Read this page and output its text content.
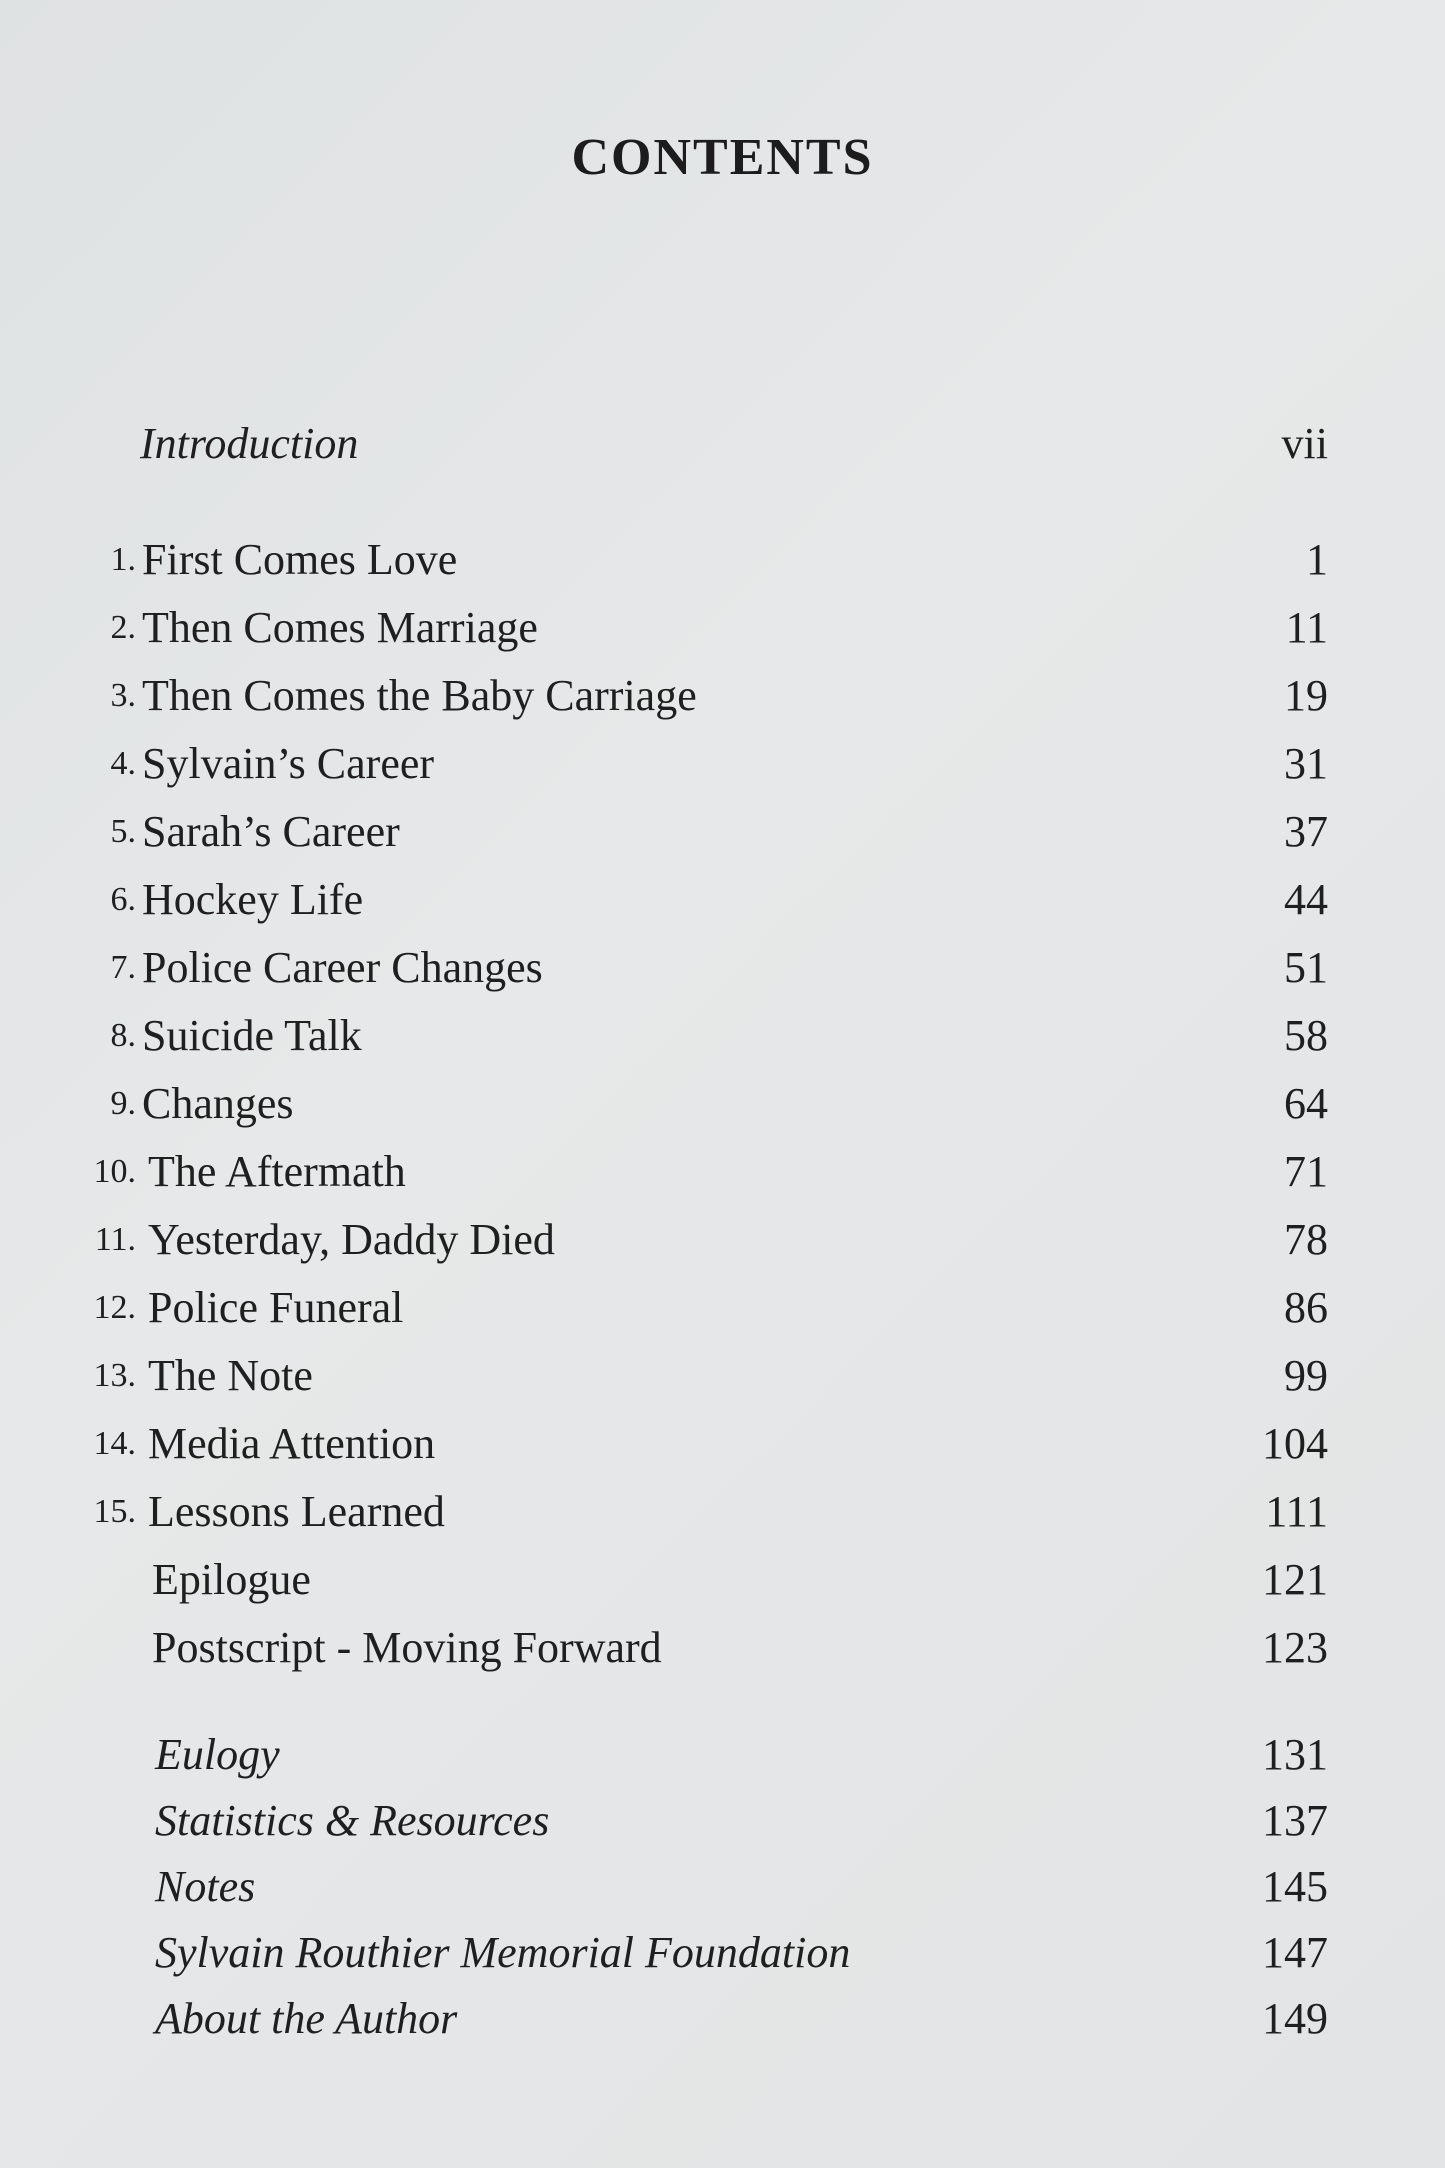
CONTENTS
Introduction	vii
1. First Comes Love	1
2. Then Comes Marriage	11
3. Then Comes the Baby Carriage	19
4. Sylvain’s Career	31
5. Sarah’s Career	37
6. Hockey Life	44
7. Police Career Changes	51
8. Suicide Talk	58
9. Changes	64
10. The Aftermath	71
11. Yesterday, Daddy Died	78
12. Police Funeral	86
13. The Note	99
14. Media Attention	104
15. Lessons Learned	111
Epilogue	121
Postscript - Moving Forward	123
Eulogy	131
Statistics & Resources	137
Notes	145
Sylvain Routhier Memorial Foundation	147
About the Author	149
